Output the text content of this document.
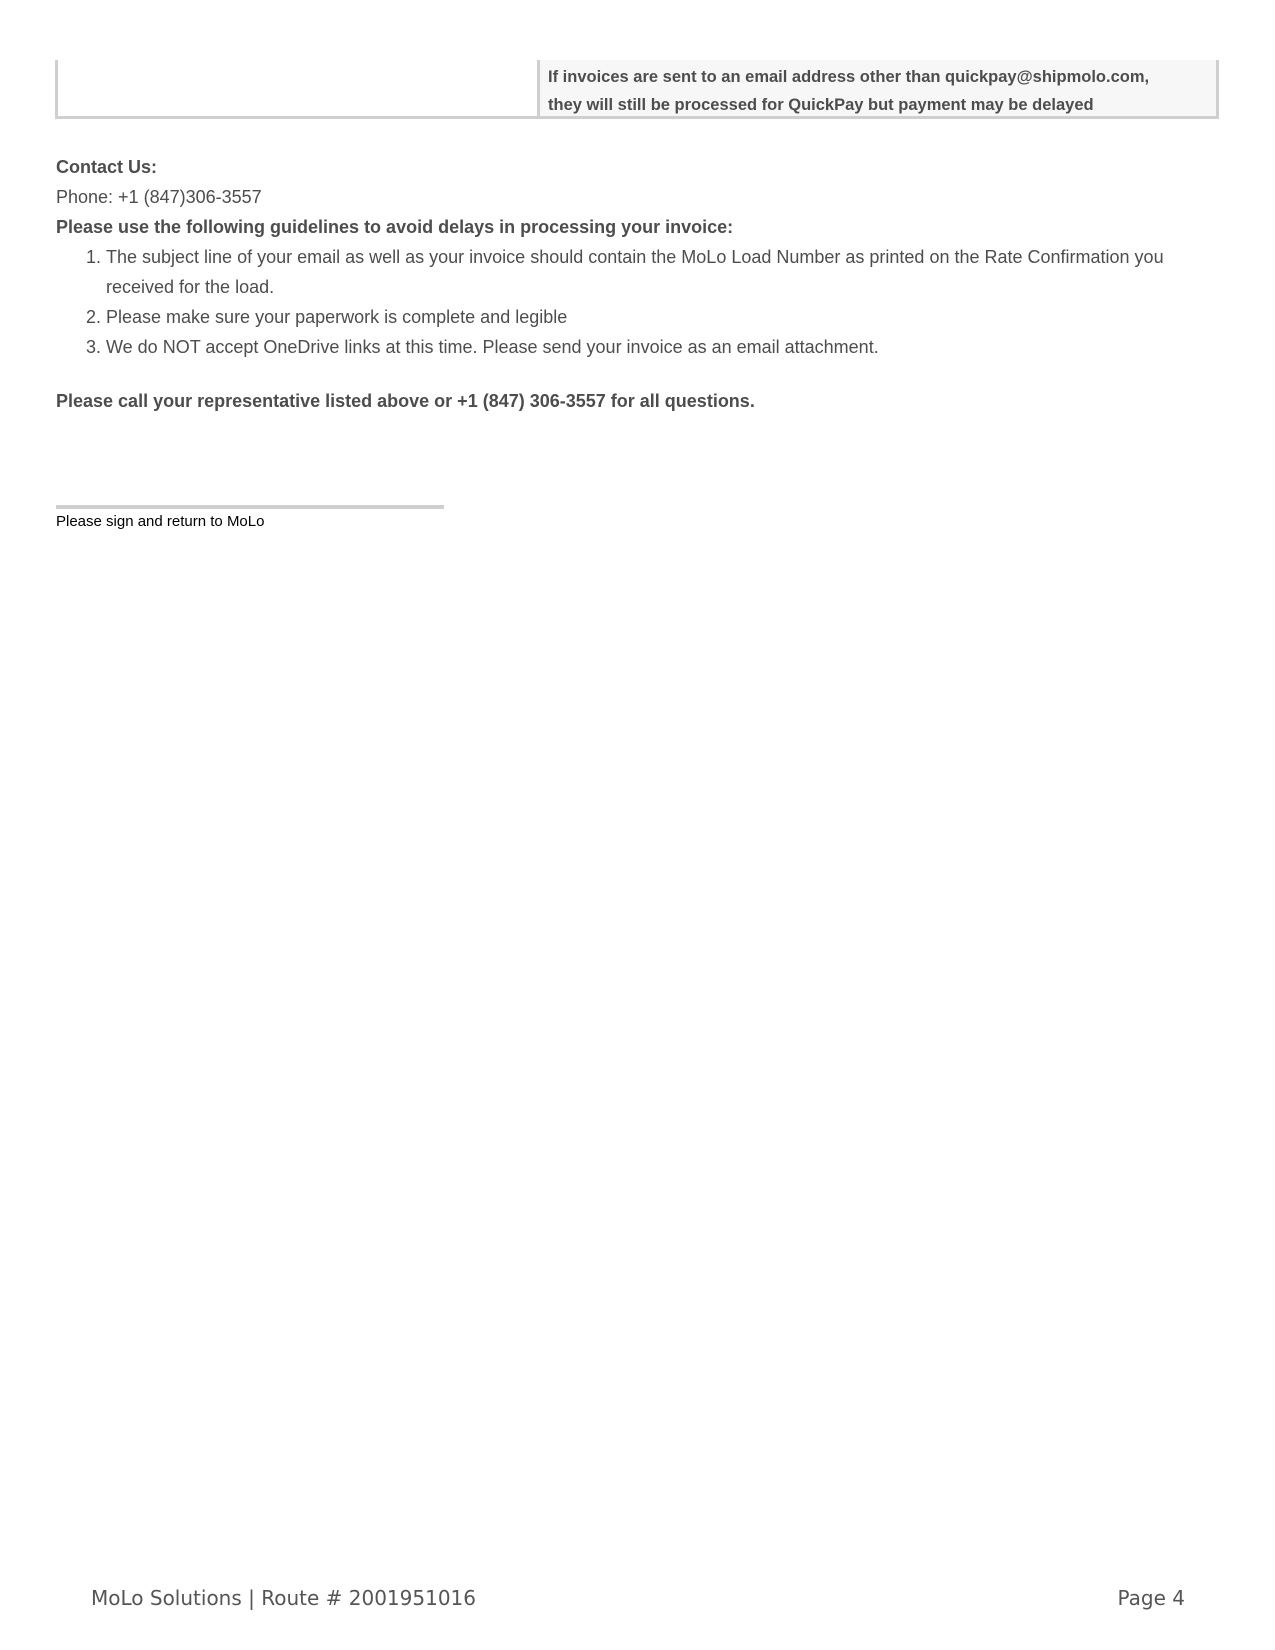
If invoices are sent to an email address other than quickpay@shipmolo.com,
they will still be processed for QuickPay but payment may be delayed
Contact Us:
Phone: +1 (847)306-3557
Please use the following guidelines to avoid delays in processing your invoice:
1. The subject line of your email as well as your invoice should contain the MoLo Load Number as printed on the Rate Confirmation you received for the load.
2. Please make sure your paperwork is complete and legible
3. We do NOT accept OneDrive links at this time. Please send your invoice as an email attachment.
Please call your representative listed above or +1 (847) 306-3557 for all questions.
Please sign and return to MoLo
MoLo Solutions | Route # 2001951016	Page 4
